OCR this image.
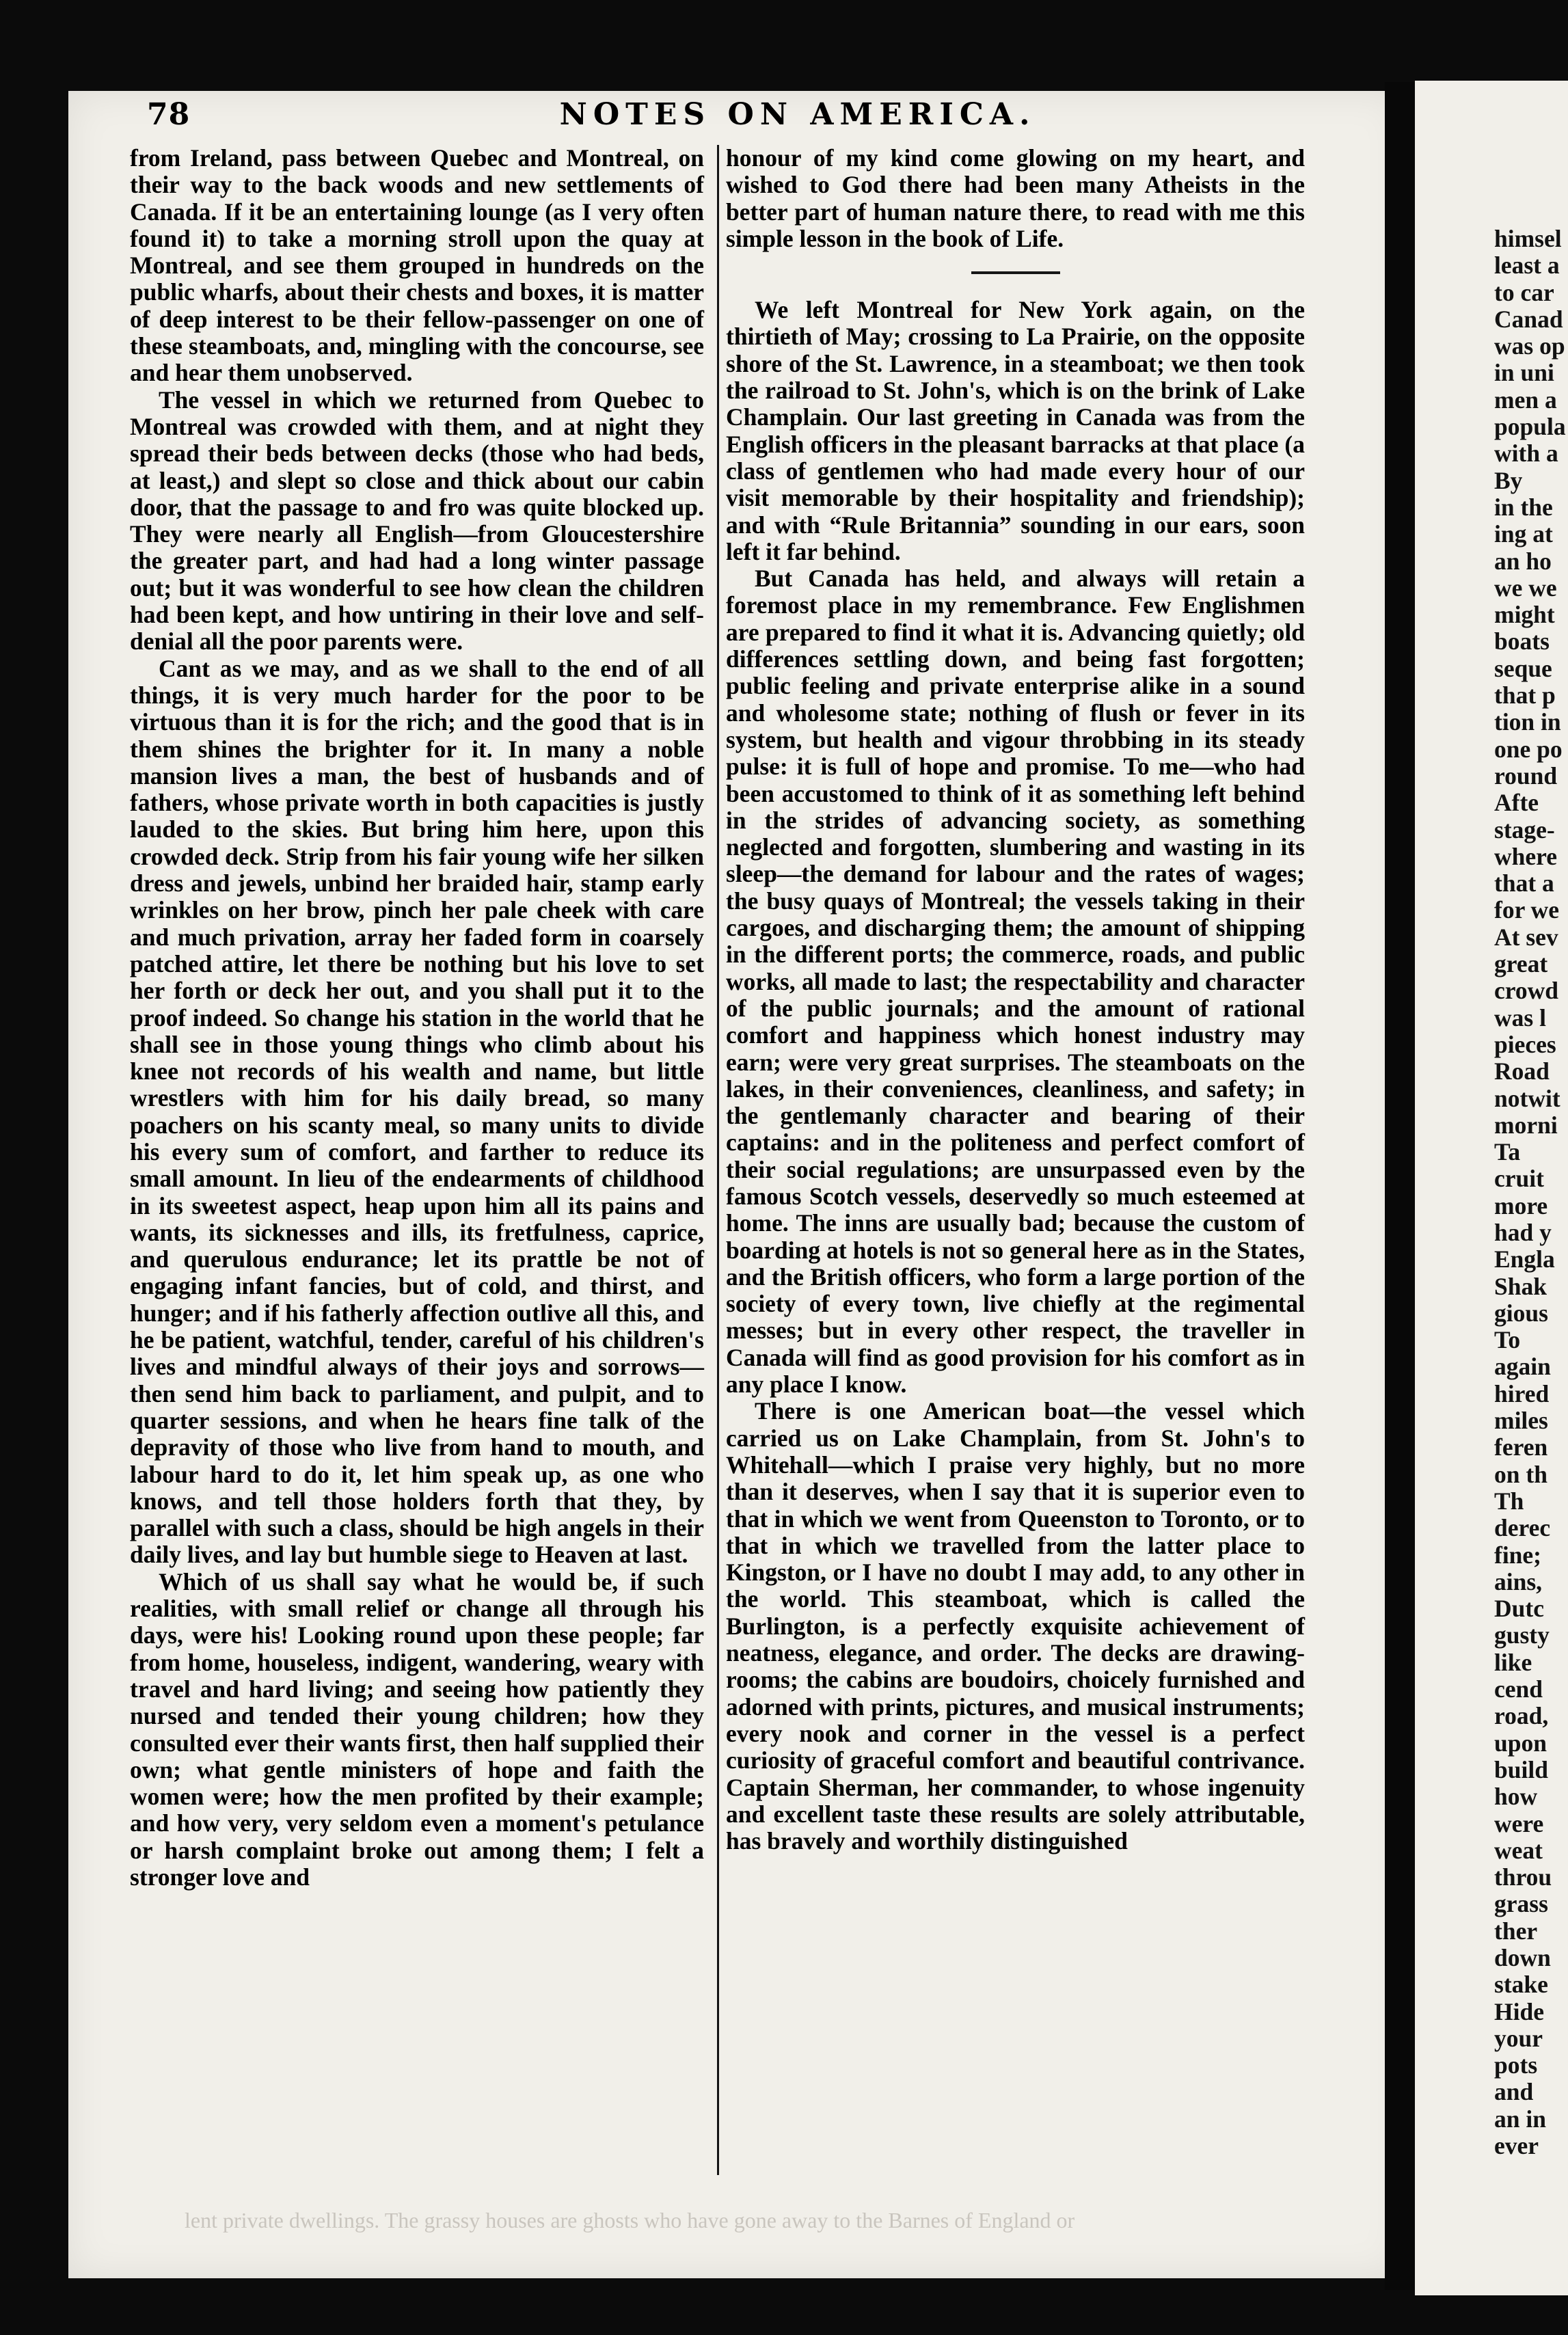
himsel

least a

to car

Canad

was op

in uni

men a

popula

with a

By

in the

ing at

an ho

we we

might

boats

seque

that p

tion in

one po

round

Afte

stage-

where

that a

for we

At sev

great

crowd

was l

pieces

Road

notwit

morni

Ta

cruit

more

had y

Engla

Shak

gious

To

again

hired

miles

feren

on th

Th

derec

fine;

ains,

Dutc

gusty

like

cend

road,

upon

build

how

were

weat

throu

grass

ther

down

stake

Hide

your

pots

and

an in

ever

78	NOTES ON AMERICA.

from Ireland, pass between Quebec and Montreal, on their way to the back woods and new settlements of Canada. If it be an entertaining lounge (as I very often found it) to take a morning stroll upon the quay at Montreal, and see them grouped in hundreds on the public wharfs, about their chests and boxes, it is matter of deep interest to be their fellow-passenger on one of these steamboats, and, mingling with the concourse, see and hear them unobserved.

The vessel in which we returned from Quebec to Montreal was crowded with them, and at night they spread their beds between decks (those who had beds, at least,) and slept so close and thick about our cabin door, that the passage to and fro was quite blocked up. They were nearly all English—from Gloucestershire the greater part, and had had a long winter passage out; but it was wonderful to see how clean the children had been kept, and how untiring in their love and self-denial all the poor parents were.

Cant as we may, and as we shall to the end of all things, it is very much harder for the poor to be virtuous than it is for the rich; and the good that is in them shines the brighter for it. In many a noble mansion lives a man, the best of husbands and of fathers, whose private worth in both capacities is justly lauded to the skies. But bring him here, upon this crowded deck. Strip from his fair young wife her silken dress and jewels, unbind her braided hair, stamp early wrinkles on her brow, pinch her pale cheek with care and much privation, array her faded form in coarsely patched attire, let there be nothing but his love to set her forth or deck her out, and you shall put it to the proof indeed. So change his station in the world that he shall see in those young things who climb about his knee not records of his wealth and name, but little wrestlers with him for his daily bread, so many poachers on his scanty meal, so many units to divide his every sum of comfort, and farther to reduce its small amount. In lieu of the endearments of childhood in its sweetest aspect, heap upon him all its pains and wants, its sicknesses and ills, its fretfulness, caprice, and querulous endurance; let its prattle be not of engaging infant fancies, but of cold, and thirst, and hunger; and if his fatherly affection outlive all this, and he be patient, watchful, tender, careful of his children's lives and mindful always of their joys and sorrows—then send him back to parliament, and pulpit, and to quarter sessions, and when he hears fine talk of the depravity of those who live from hand to mouth, and labour hard to do it, let him speak up, as one who knows, and tell those holders forth that they, by parallel with such a class, should be high angels in their daily lives, and lay but humble siege to Heaven at last.

Which of us shall say what he would be, if such realities, with small relief or change all through his days, were his! Looking round upon these people; far from home, houseless, indigent, wandering, weary with travel and hard living; and seeing how patiently they nursed and tended their young children; how they consulted ever their wants first, then half supplied their own; what gentle ministers of hope and faith the women were; how the men profited by their example; and how very, very seldom even a moment's petulance or harsh complaint broke out among them; I felt a stronger love and

honour of my kind come glowing on my heart, and wished to God there had been many Atheists in the better part of human nature there, to read with me this simple lesson in the book of Life.

We left Montreal for New York again, on the thirtieth of May; crossing to La Prairie, on the opposite shore of the St. Lawrence, in a steamboat; we then took the railroad to St. John's, which is on the brink of Lake Champlain. Our last greeting in Canada was from the English officers in the pleasant barracks at that place (a class of gentlemen who had made every hour of our visit memorable by their hospitality and friendship); and with “Rule Britannia” sounding in our ears, soon left it far behind.

But Canada has held, and always will retain a foremost place in my remembrance. Few Englishmen are prepared to find it what it is. Advancing quietly; old differences settling down, and being fast forgotten; public feeling and private enterprise alike in a sound and wholesome state; nothing of flush or fever in its system, but health and vigour throbbing in its steady pulse: it is full of hope and promise. To me—who had been accustomed to think of it as something left behind in the strides of advancing society, as something neglected and forgotten, slumbering and wasting in its sleep—the demand for labour and the rates of wages; the busy quays of Montreal; the vessels taking in their cargoes, and discharging them; the amount of shipping in the different ports; the commerce, roads, and public works, all made to last; the respectability and character of the public journals; and the amount of rational comfort and happiness which honest industry may earn; were very great surprises. The steamboats on the lakes, in their conveniences, cleanliness, and safety; in the gentlemanly character and bearing of their captains: and in the politeness and perfect comfort of their social regulations; are unsurpassed even by the famous Scotch vessels, deservedly so much esteemed at home. The inns are usually bad; because the custom of boarding at hotels is not so general here as in the States, and the British officers, who form a large portion of the society of every town, live chiefly at the regimental messes; but in every other respect, the traveller in Canada will find as good provision for his comfort as in any place I know.

There is one American boat—the vessel which carried us on Lake Champlain, from St. John's to Whitehall—which I praise very highly, but no more than it deserves, when I say that it is superior even to that in which we went from Queenston to Toronto, or to that in which we travelled from the latter place to Kingston, or I have no doubt I may add, to any other in the world. This steamboat, which is called the Burlington, is a perfectly exquisite achievement of neatness, elegance, and order. The decks are drawing-rooms; the cabins are boudoirs, choicely furnished and adorned with prints, pictures, and musical instruments; every nook and corner in the vessel is a perfect curiosity of graceful comfort and beautiful contrivance. Captain Sherman, her commander, to whose ingenuity and excellent taste these results are solely attributable, has bravely and worthily distinguished

lent private dwellings. The grassy houses are ghosts who have gone away to the Barnes of England or
